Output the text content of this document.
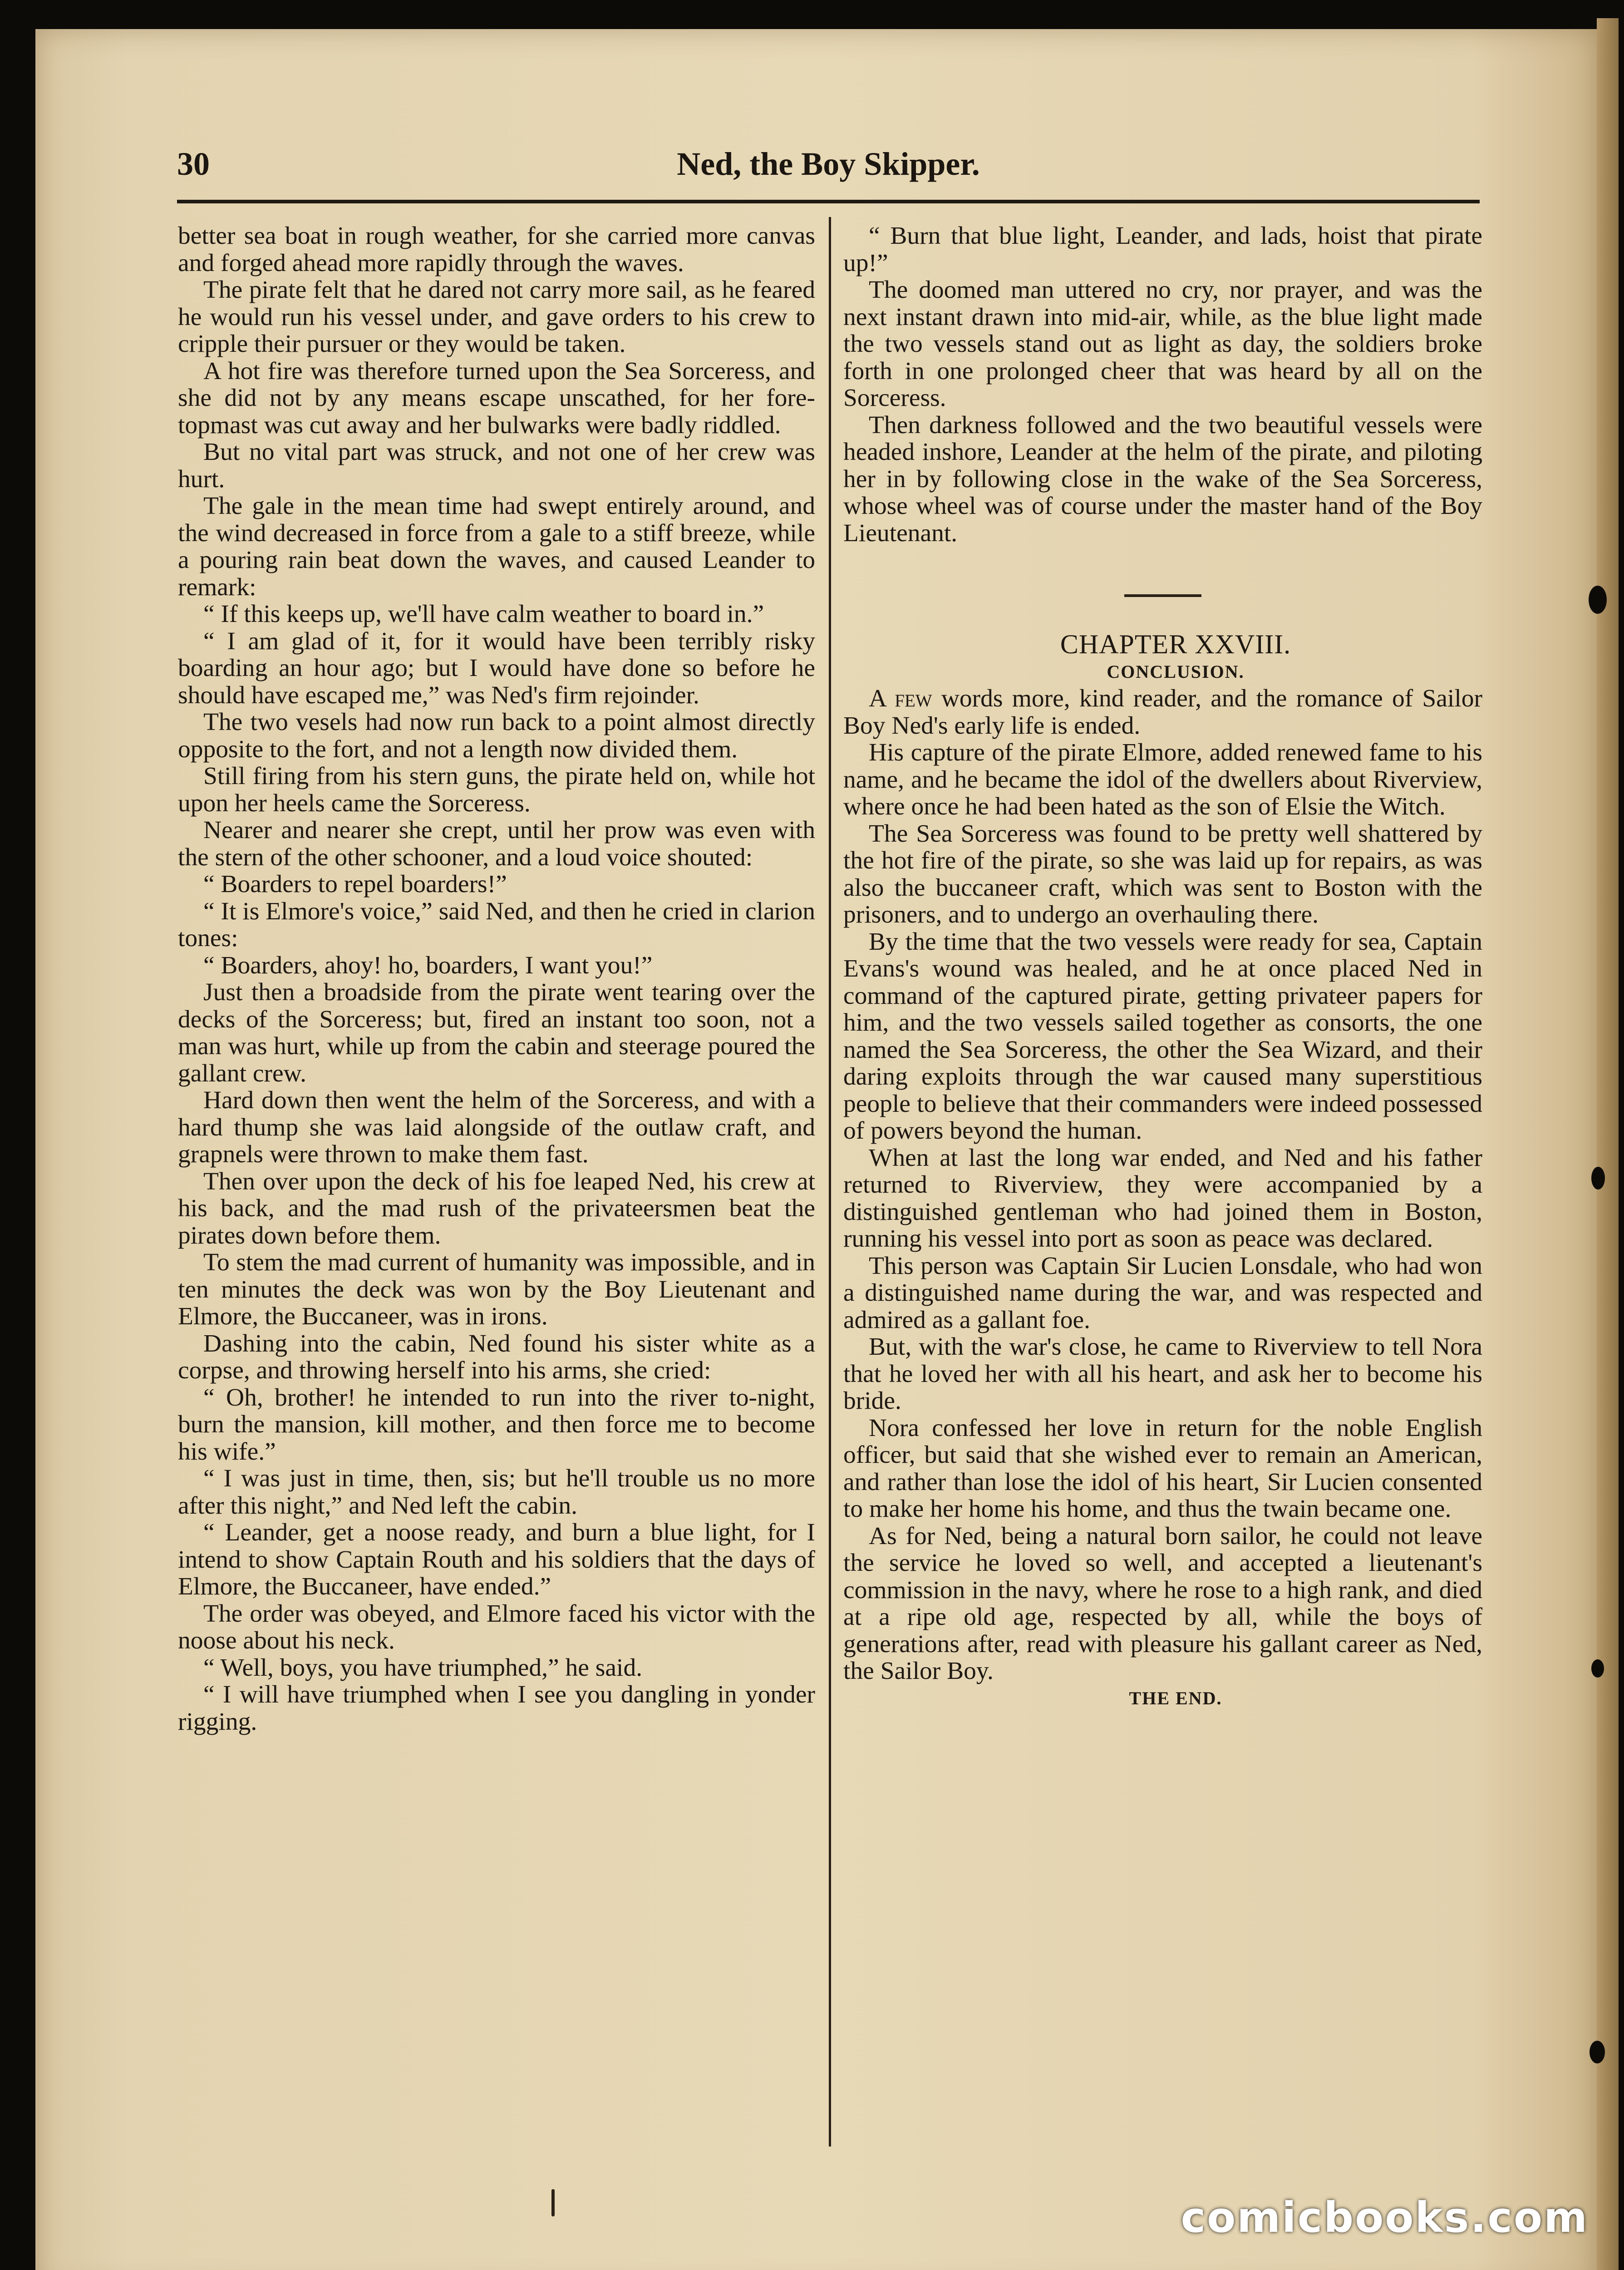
30	Ned, the Boy Skipper.

better sea boat in rough weather, for she carried more canvas and forged ahead more rapidly through the waves.

The pirate felt that he dared not carry more sail, as he feared he would run his vessel under, and gave orders to his crew to cripple their pursuer or they would be taken.

A hot fire was therefore turned upon the Sea Sorceress, and she did not by any means escape unscathed, for her fore-topmast was cut away and her bulwarks were badly riddled.

But no vital part was struck, and not one of her crew was hurt.

The gale in the mean time had swept entirely around, and the wind decreased in force from a gale to a stiff breeze, while a pouring rain beat down the waves, and caused Leander to remark:

“ If this keeps up, we'll have calm weather to board in.”

“ I am glad of it, for it would have been terribly risky boarding an hour ago; but I would have done so before he should have escaped me,” was Ned's firm rejoinder.

The two vesels had now run back to a point almost directly opposite to the fort, and not a length now divided them.

Still firing from his stern guns, the pirate held on, while hot upon her heels came the Sorceress.

Nearer and nearer she crept, until her prow was even with the stern of the other schooner, and a loud voice shouted:

“ Boarders to repel boarders!”

“ It is Elmore's voice,” said Ned, and then he cried in clarion tones:

“ Boarders, ahoy! ho, boarders, I want you!”

Just then a broadside from the pirate went tearing over the decks of the Sorceress; but, fired an instant too soon, not a man was hurt, while up from the cabin and steerage poured the gallant crew.

Hard down then went the helm of the Sorceress, and with a hard thump she was laid alongside of the outlaw craft, and grapnels were thrown to make them fast.

Then over upon the deck of his foe leaped Ned, his crew at his back, and the mad rush of the privateersmen beat the pirates down before them.

To stem the mad current of humanity was impossible, and in ten minutes the deck was won by the Boy Lieutenant and Elmore, the Buccaneer, was in irons.

Dashing into the cabin, Ned found his sister white as a corpse, and throwing herself into his arms, she cried:

“ Oh, brother! he intended to run into the river to-night, burn the mansion, kill mother, and then force me to become his wife.”

“ I was just in time, then, sis; but he'll trouble us no more after this night,” and Ned left the cabin.

“ Leander, get a noose ready, and burn a blue light, for I intend to show Captain Routh and his soldiers that the days of Elmore, the Buccaneer, have ended.”

The order was obeyed, and Elmore faced his victor with the noose about his neck.

“ Well, boys, you have triumphed,” he said.

“ I will have triumphed when I see you dangling in yonder rigging.

“ Burn that blue light, Leander, and lads, hoist that pirate up!”

The doomed man uttered no cry, nor prayer, and was the next instant drawn into mid-air, while, as the blue light made the two vessels stand out as light as day, the soldiers broke forth in one prolonged cheer that was heard by all on the Sorceress.

Then darkness followed and the two beautiful vessels were headed inshore, Leander at the helm of the pirate, and piloting her in by following close in the wake of the Sea Sorceress, whose wheel was of course under the master hand of the Boy Lieutenant.

CHAPTER XXVIII.

CONCLUSION.

A few words more, kind reader, and the romance of Sailor Boy Ned's early life is ended.

His capture of the pirate Elmore, added renewed fame to his name, and he became the idol of the dwellers about Riverview, where once he had been hated as the son of Elsie the Witch.

The Sea Sorceress was found to be pretty well shattered by the hot fire of the pirate, so she was laid up for repairs, as was also the buccaneer craft, which was sent to Boston with the prisoners, and to undergo an overhauling there.

By the time that the two vessels were ready for sea, Captain Evans's wound was healed, and he at once placed Ned in command of the captured pirate, getting privateer papers for him, and the two vessels sailed together as consorts, the one named the Sea Sorceress, the other the Sea Wizard, and their daring exploits through the war caused many superstitious people to believe that their commanders were indeed possessed of powers beyond the human.

When at last the long war ended, and Ned and his father returned to Riverview, they were accompanied by a distinguished gentleman who had joined them in Boston, running his vessel into port as soon as peace was declared.

This person was Captain Sir Lucien Lonsdale, who had won a distinguished name during the war, and was respected and admired as a gallant foe.

But, with the war's close, he came to Riverview to tell Nora that he loved her with all his heart, and ask her to become his bride.

Nora confessed her love in return for the noble English officer, but said that she wished ever to remain an American, and rather than lose the idol of his heart, Sir Lucien consented to make her home his home, and thus the twain became one.

As for Ned, being a natural born sailor, he could not leave the service he loved so well, and accepted a lieutenant's commission in the navy, where he rose to a high rank, and died at a ripe old age, respected by all, while the boys of generations after, read with pleasure his gallant career as Ned, the Sailor Boy.

THE END.

comicbooks.com
